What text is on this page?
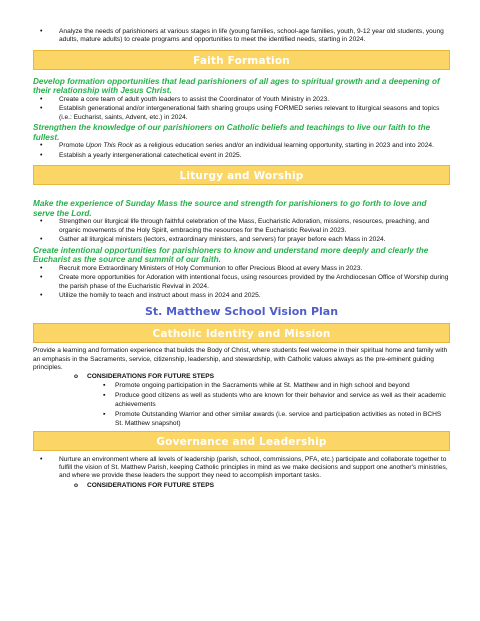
• Analyze the needs of parishioners at various stages in life (young families, school-age families, youth, 9-12 year old students, young adults, mature adults) to create programs and opportunities to meet the identified needs, starting in 2024.
Faith Formation

Develop formation opportunities that lead parishioners of all ages to spiritual growth and a deepening of their relationship with Jesus Christ.

• Create a core team of adult youth leaders to assist the Coordinator of Youth Ministry in 2023.
• Establish generational and/or intergenerational faith sharing groups using FORMED series relevant to liturgical seasons and topics (i.e.: Eucharist, saints, Advent, etc.) in 2024.

Strengthen the knowledge of our parishioners on Catholic beliefs and teachings to live our faith to the fullest.

• Promote Upon This Rock as a religious education series and/or an individual learning opportunity, starting in 2023 and into 2024.
• Establish a yearly intergenerational catechetical event in 2025.
Liturgy and Worship

Make the experience of Sunday Mass the source and strength for parishioners to go forth to love and serve the Lord.

• Strengthen our liturgical life through faithful celebration of the Mass, Eucharistic Adoration, missions, resources, preaching, and organic movements of the Holy Spirit, embracing the resources for the Eucharistic Revival in 2023.
• Gather all liturgical ministers (lectors, extraordinary ministers, and servers) for prayer before each Mass in 2024.

Create intentional opportunities for parishioners to know and understand more deeply and clearly the Eucharist as the source and summit of our faith.

• Recruit more Extraordinary Ministers of Holy Communion to offer Precious Blood at every Mass in 2023.
• Create more opportunities for Adoration with intentional focus, using resources provided by the Archdiocesan Office of Worship during the parish phase of the Eucharistic Revival in 2024.
• Utilize the homily to teach and instruct about mass in 2024 and 2025.

St. Matthew School Vision Plan

Catholic Identity and Mission

Provide a learning and formation experience that builds the Body of Christ, where students feel welcome in their spiritual home and family with an emphasis in the Sacraments, service, citizenship, leadership, and stewardship, with Catholic values always as the pre-eminent guiding principles.

o CONSIDERATIONS FOR FUTURE STEPS
▪ Promote ongoing participation in the Sacraments while at St. Matthew and in high school and beyond
▪ Produce good citizens as well as students who are known for their behavior and service as well as their academic achievements
▪ Promote Outstanding Warrior and other similar awards (i.e. service and participation activities as noted in BCHS St. Matthew snapshot)
Governance and Leadership
• Nurture an environment where all levels of leadership (parish, school, commissions, PFA, etc.) participate and collaborate together to fulfill the vision of St. Matthew Parish, keeping Catholic principles in mind as we make decisions and support one another's ministries, and where we provide these leaders the support they need to accomplish important tasks.
o CONSIDERATIONS FOR FUTURE STEPS
